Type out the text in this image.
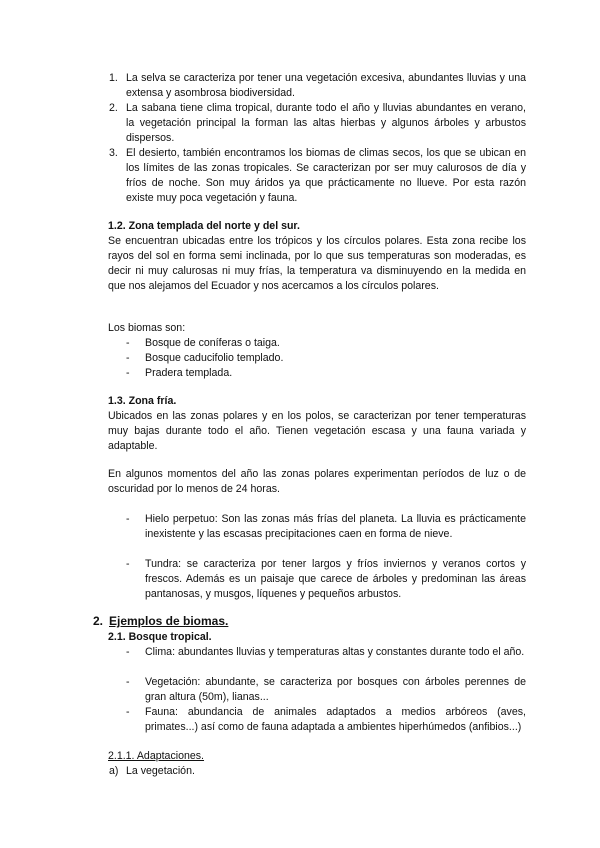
1. La selva se caracteriza por tener una vegetación excesiva, abundantes lluvias y una extensa y asombrosa biodiversidad.
2. La sabana tiene clima tropical, durante todo el año y lluvias abundantes en verano, la vegetación principal la forman las altas hierbas y algunos árboles y arbustos dispersos.
3. El desierto, también encontramos los biomas de climas secos, los que se ubican en los límites de las zonas tropicales. Se caracterizan por ser muy calurosos de día y fríos de noche. Son muy áridos ya que prácticamente no llueve. Por esta razón existe muy poca vegetación y fauna.
1.2. Zona templada del norte y del sur.
Se encuentran ubicadas entre los trópicos y los círculos polares. Esta zona recibe los rayos del sol en forma semi inclinada, por lo que sus temperaturas son moderadas, es decir ni muy calurosas ni muy frías, la temperatura va disminuyendo en la medida en que nos alejamos del Ecuador y nos acercamos a los círculos polares.
Los biomas son:
- Bosque de coníferas o taiga.
- Bosque caducifolio templado.
- Pradera templada.
1.3. Zona fría.
Ubicados en las zonas polares y en los polos, se caracterizan por tener temperaturas muy bajas durante todo el año. Tienen vegetación escasa y una fauna variada y adaptable.
En algunos momentos del año las zonas polares experimentan períodos de luz o de oscuridad por lo menos de 24 horas.
- Hielo perpetuo: Son las zonas más frías del planeta. La lluvia es prácticamente inexistente y las escasas precipitaciones caen en forma de nieve.
- Tundra: se caracteriza por tener largos y fríos inviernos y veranos cortos y frescos. Además es un paisaje que carece de árboles y predominan las áreas pantanosas, y musgos, líquenes y pequeños arbustos.
2. Ejemplos de biomas.
2.1. Bosque tropical.
- Clima: abundantes lluvias y temperaturas altas y constantes durante todo el año.
- Vegetación: abundante, se caracteriza por bosques con árboles perennes de gran altura (50m), lianas...
- Fauna: abundancia de animales adaptados a medios arbóreos (aves, primates...) así como de fauna adaptada a ambientes hiperhúmedos (anfibios...)
2.1.1. Adaptaciones.
a) La vegetación.
